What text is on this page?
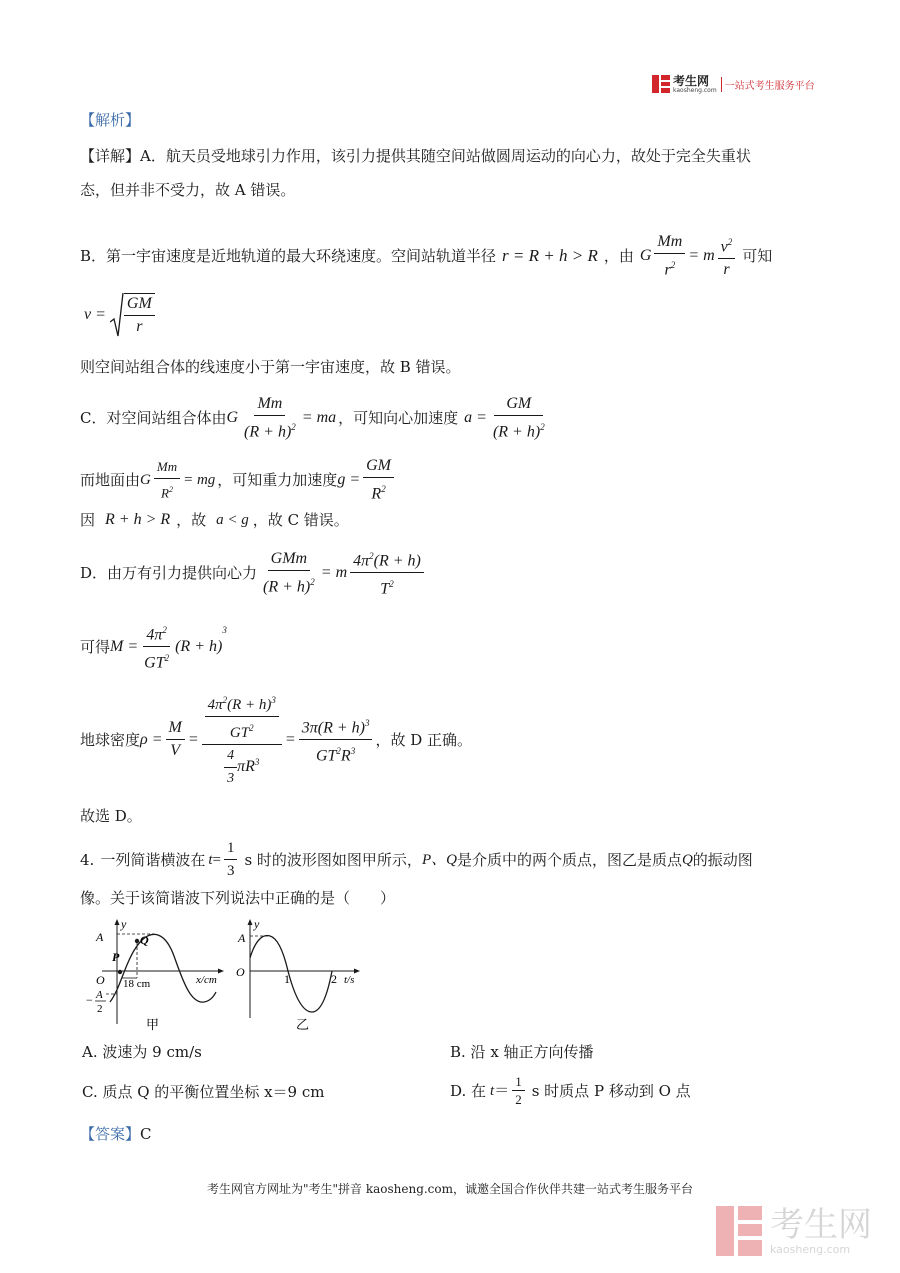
考生网
kaosheng.com 一站式考生服务平台
【解析】
【详解】A．航天员受地球引力作用，该引力提供其随空间站做圆周运动的向心力，故处于完全失重状
态，但并非不受力，故 A 错误。
B．第一宇宙速度是近地轨道的最大环绕速度。空间站轨道半径 r = R + h > R ，由 G $\frac{Mm}{r^2} = m \frac{v^2}{r}$ 可知
$v = \frac{GM}{r}$
则空间站组合体的线速度小于第一宇宙速度，故 B 错误。
C．对空间站组合体由 G $\frac{Mm}{(R + h)^2}$ = ma ，可知向心加速度 $a = \frac{GM}{(R + h)^2}$
而地面由 G $\frac{Mm}{R^2}$ = mg ，可知重力加速度 $g = \frac{GM}{R^2}$
因 R + h > R ，故 a < g ，故 C 错误。
D．由万有引力提供向心力 $\frac{\text{GMm}}{(R + h)^2} = m \frac{4\pi^2(R + h)}{T^2}$
可得 $M = \frac{4\pi^2}{GT^2} (R + h)$
$^3$
地球密度 $\rho = \frac{M}{V} = \frac{\frac{4\pi^2(R + h)^3}{GT^2}}{\frac{4}{3} \pi R^3} = \frac{3\pi(R + h)^3}{GT^2R^3}$ ，故 D 正确。
故选 D。
4. 一列简谐横波在 $t = \frac{1}{3}$ s 时的波形图如图甲所示， P、Q 是介质中的两个质点，图乙是质点 Q 的振动图
像。关于该简谐波下列说法中正确的是（　　）
y
A	Q
P
O	x/cm
18 cm
− A
2
甲
y
A
O	1	2 t/s
乙
A. 波速为 9 cm/s	B. 沿 x 轴正方向传播
C. 质点 Q 的平衡位置坐标 x＝9 cm	D. 在 $t = \frac{1}{2}$ s 时质点 P 移动到 O 点
【答案】C
考生网官方网址为"考生"拼音 kaosheng.com，诚邀全国合作伙伴共建一站式考生服务平台
考生网
kaosheng.com
